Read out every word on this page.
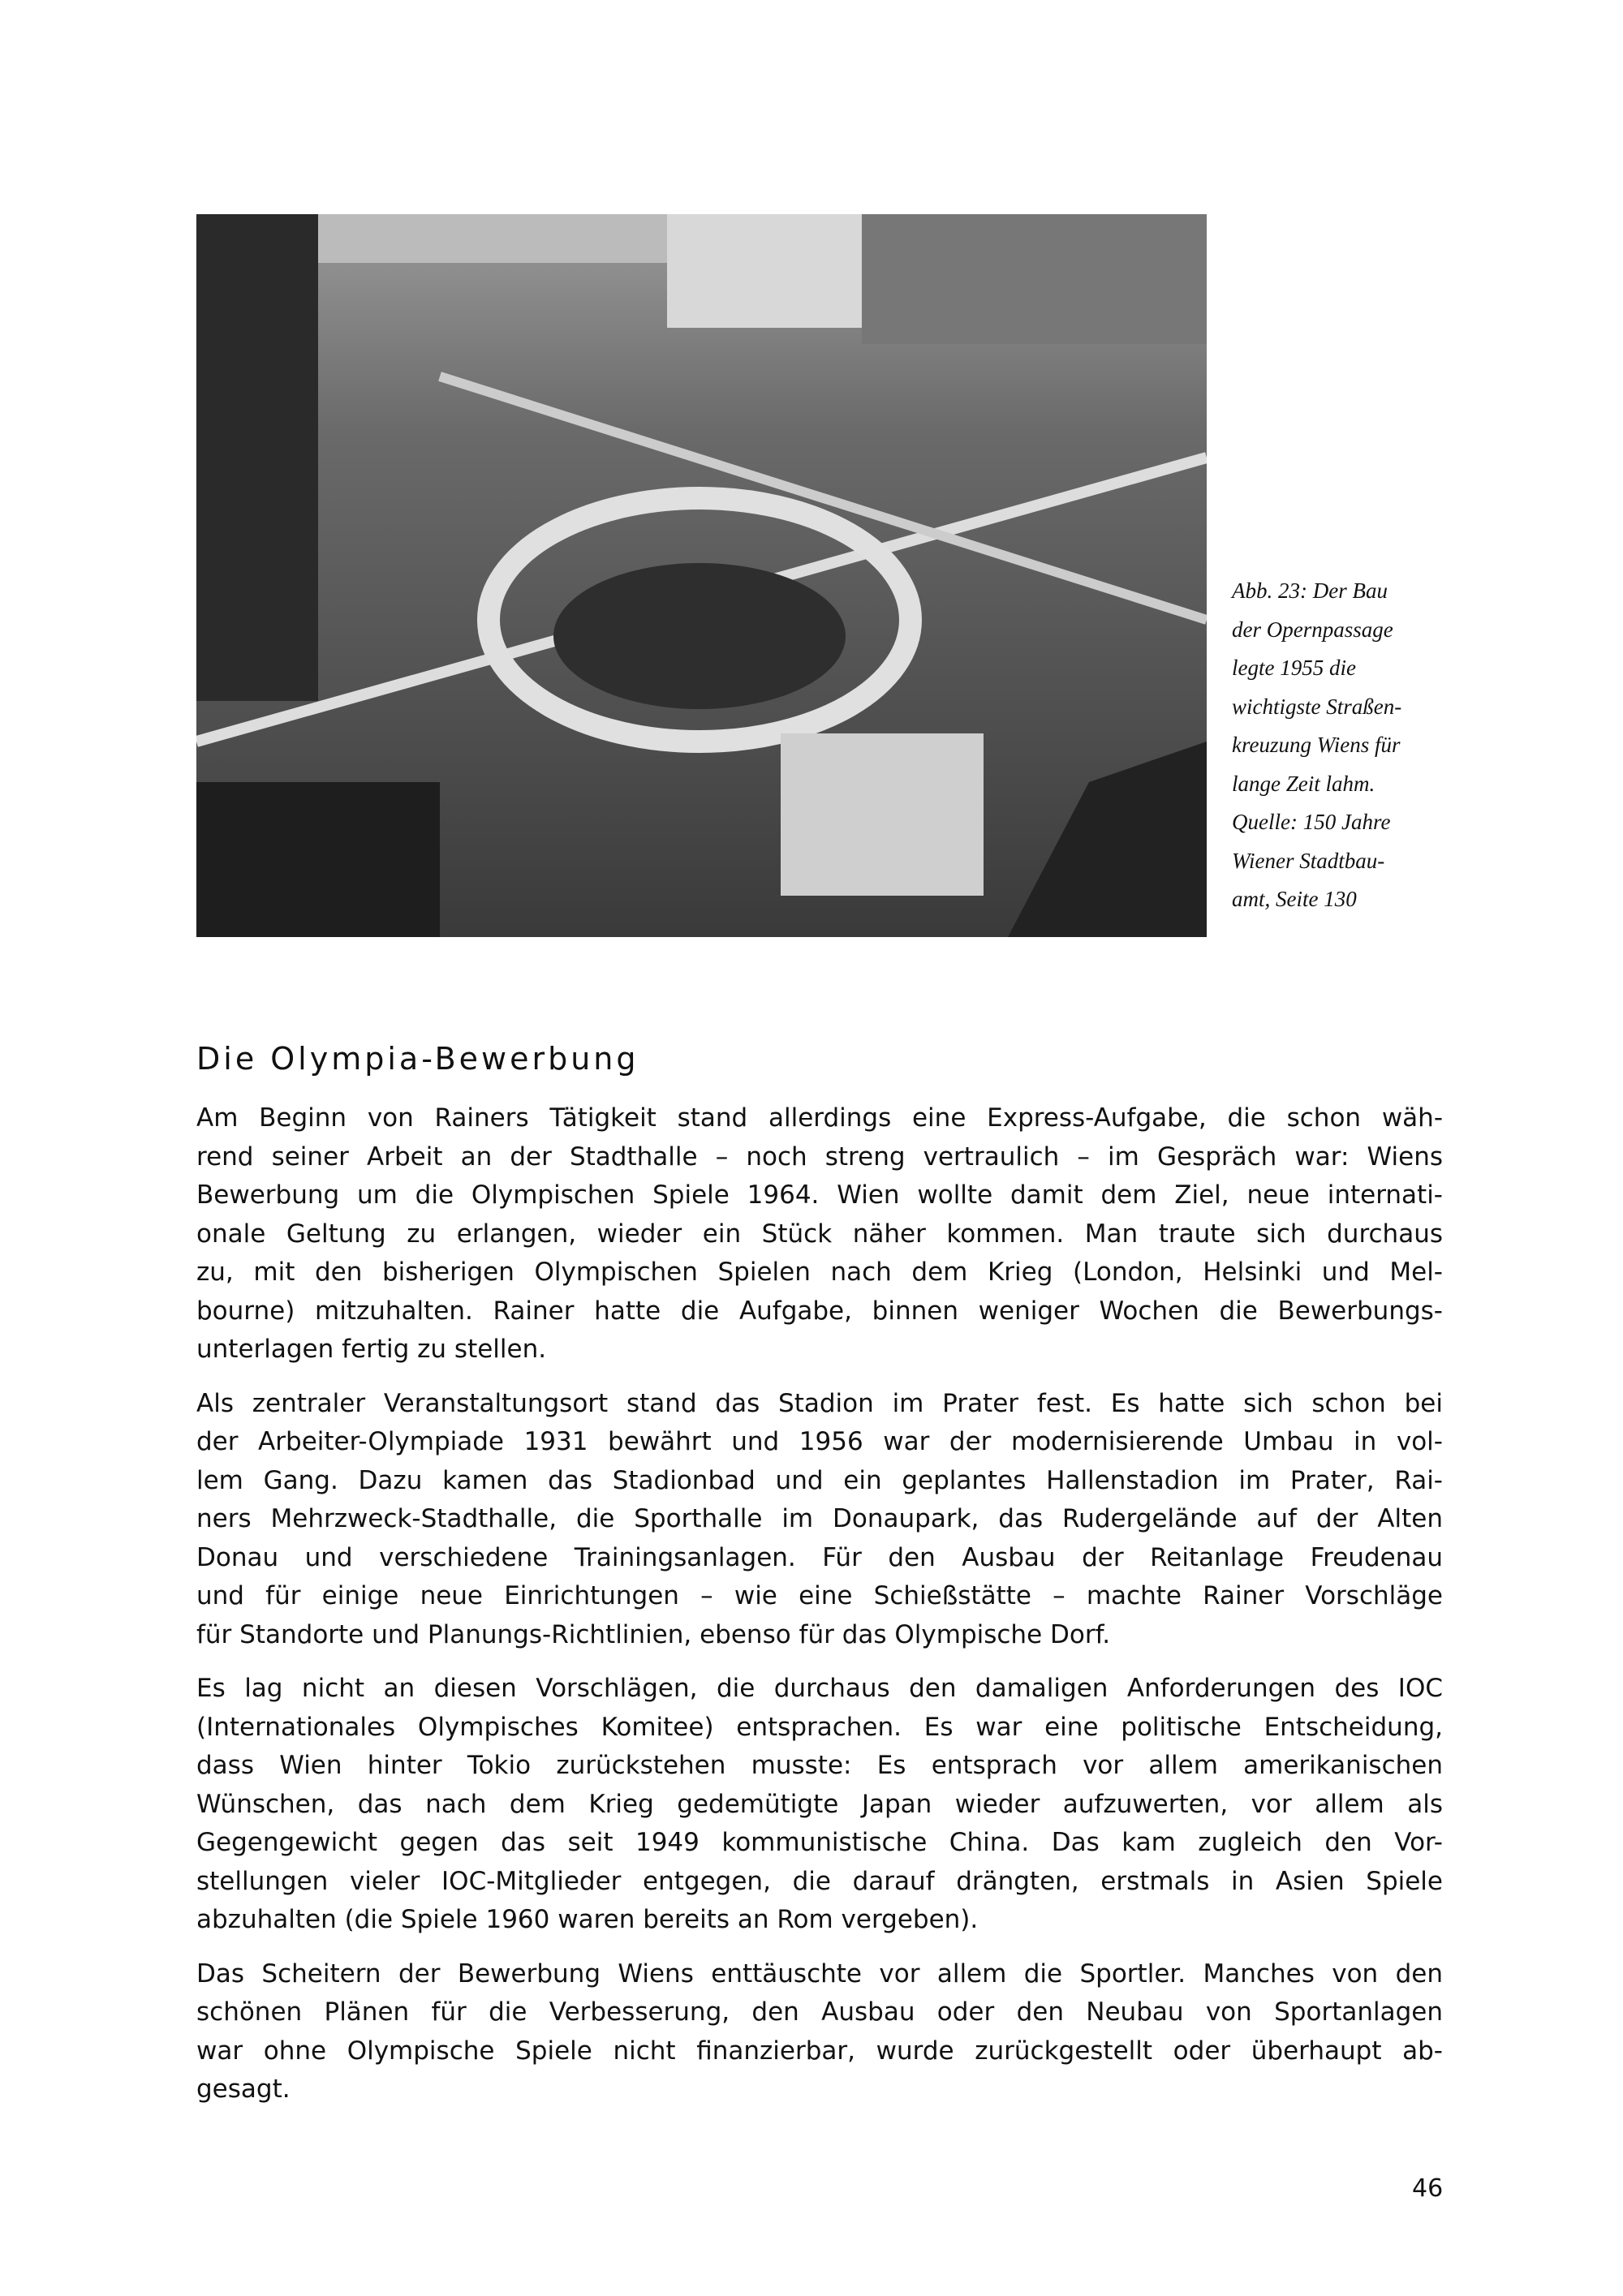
Abb. 23: Der Bau
der Opernpassage
legte 1955 die
wichtigste Straßen-
kreuzung Wiens für
lange Zeit lahm.
Quelle: 150 Jahre
Wiener Stadtbau-
amt, Seite 130
Die Olympia-Bewerbung
Am Beginn von Rainers Tätigkeit stand allerdings eine Express-Aufgabe, die schon wäh-
rend seiner Arbeit an der Stadthalle – noch streng vertraulich – im Gespräch war: Wiens
Bewerbung um die Olympischen Spiele 1964. Wien wollte damit dem Ziel, neue internati-
onale Geltung zu erlangen, wieder ein Stück näher kommen. Man traute sich durchaus
zu, mit den bisherigen Olympischen Spielen nach dem Krieg (London, Helsinki und Mel-
bourne) mitzuhalten. Rainer hatte die Aufgabe, binnen weniger Wochen die Bewerbungs-
unterlagen fertig zu stellen.
Als zentraler Veranstaltungsort stand das Stadion im Prater fest. Es hatte sich schon bei
der Arbeiter-Olympiade 1931 bewährt und 1956 war der modernisierende Umbau in vol-
lem Gang. Dazu kamen das Stadionbad und ein geplantes Hallenstadion im Prater, Rai-
ners Mehrzweck-Stadthalle, die Sporthalle im Donaupark, das Rudergelände auf der Alten
Donau und verschiedene Trainingsanlagen. Für den Ausbau der Reitanlage Freudenau
und für einige neue Einrichtungen – wie eine Schießstätte – machte Rainer Vorschläge
für Standorte und Planungs-Richtlinien, ebenso für das Olympische Dorf.
Es lag nicht an diesen Vorschlägen, die durchaus den damaligen Anforderungen des IOC
(Internationales Olympisches Komitee) entsprachen. Es war eine politische Entscheidung,
dass Wien hinter Tokio zurückstehen musste: Es entsprach vor allem amerikanischen
Wünschen, das nach dem Krieg gedemütigte Japan wieder aufzuwerten, vor allem als
Gegengewicht gegen das seit 1949 kommunistische China. Das kam zugleich den Vor-
stellungen vieler IOC-Mitglieder entgegen, die darauf drängten, erstmals in Asien Spiele
abzuhalten (die Spiele 1960 waren bereits an Rom vergeben).
Das Scheitern der Bewerbung Wiens enttäuschte vor allem die Sportler. Manches von den
schönen Plänen für die Verbesserung, den Ausbau oder den Neubau von Sportanlagen
war ohne Olympische Spiele nicht finanzierbar, wurde zurückgestellt oder überhaupt ab-
gesagt.
46
